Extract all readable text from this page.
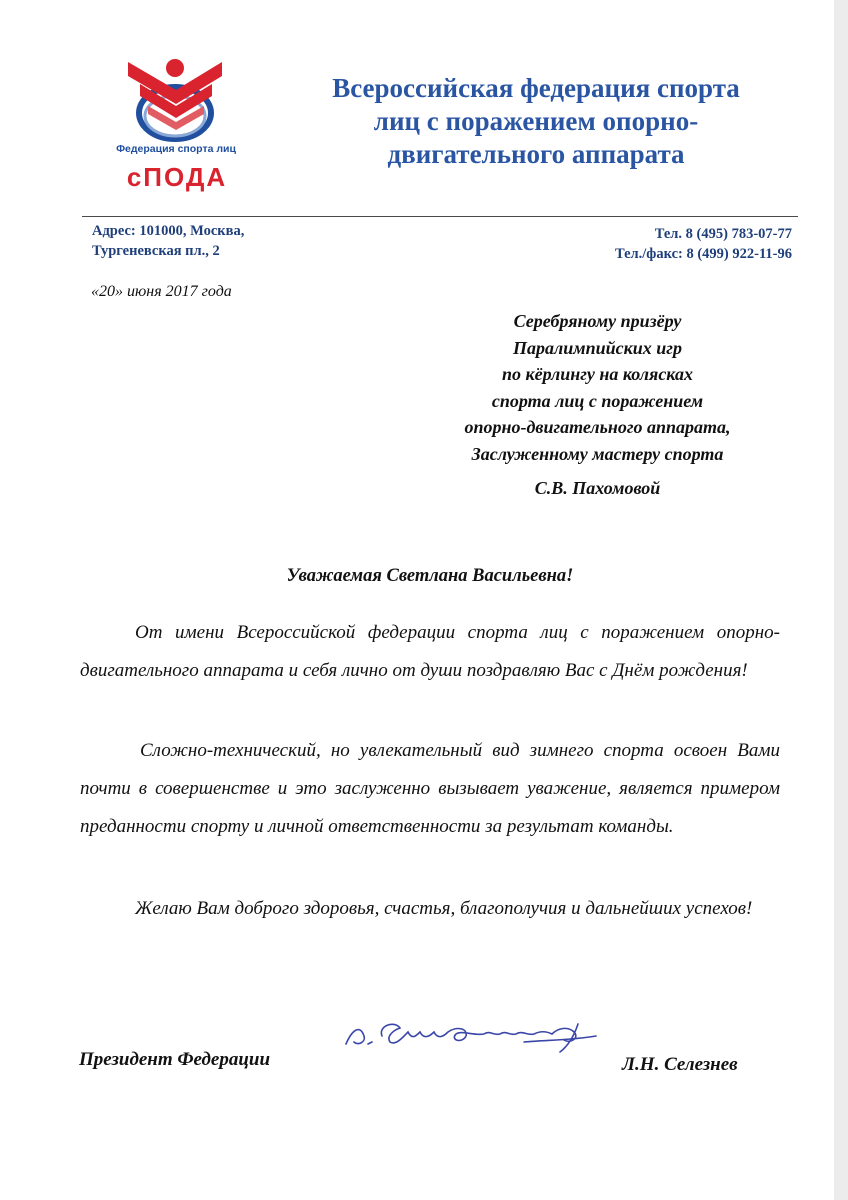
Федерация спорта лиц
сПОДА
Всероссийская федерация спорта
лиц с поражением опорно-
двигательного аппарата
Адрес: 101000, Москва,
Тургеневская пл., 2
Тел. 8 (495) 783-07-77
Тел./факс: 8 (499) 922-11-96
«20» июня 2017 года
Серебряному призёру
Паралимпийских игр
по кёрлингу на колясках
спорта лиц с поражением
опорно-двигательного аппарата,
Заслуженному мастеру спорта
С.В. Пахомовой
Уважаемая Светлана Васильевна!
От имени Всероссийской федерации спорта лиц с поражением опорно-двигательного аппарата и себя лично от души поздравляю Вас с Днём рождения!
Сложно-технический, но увлекательный вид зимнего спорта освоен Вами почти в совершенстве и это заслуженно вызывает уважение, является примером преданности спорту и личной ответственности за результат команды.
Желаю Вам доброго здоровья, счастья, благополучия и дальнейших успехов!
Президент Федерации	Л.Н. Селезнев
